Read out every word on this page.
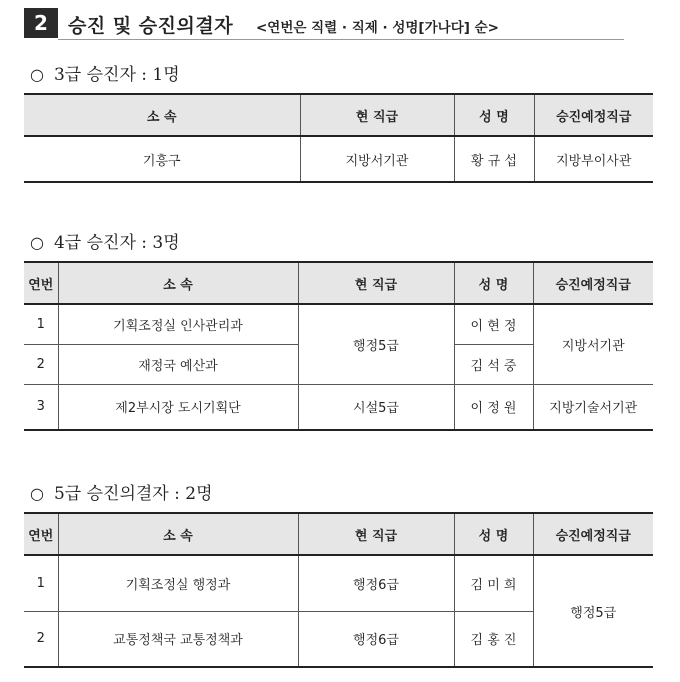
2	승진 및 승진의결자 <연번은 직렬 · 직제 · 성명[가나다] 순>
○ 3급 승진자 : 1명
소 속	현 직급	성 명	승진예정직급
기흥구	지방서기관	황 규 섭	지방부이사관
○ 4급 승진자 : 3명
연번	소 속	현 직급	성 명	승진예정직급
1	기획조정실 인사관리과	행정5급	이 현 정	지방서기관
2	재정국 예산과		김 석 중	
3	제2부시장 도시기획단	시설5급	이 정 원	지방기술서기관
○ 5급 승진의결자 : 2명
연번	소 속	현 직급	성 명	승진예정직급
1	기획조정실 행정과	행정6급	김 미 희	행정5급
2	교통정책국 교통정책과	행정6급	김 홍 진	
